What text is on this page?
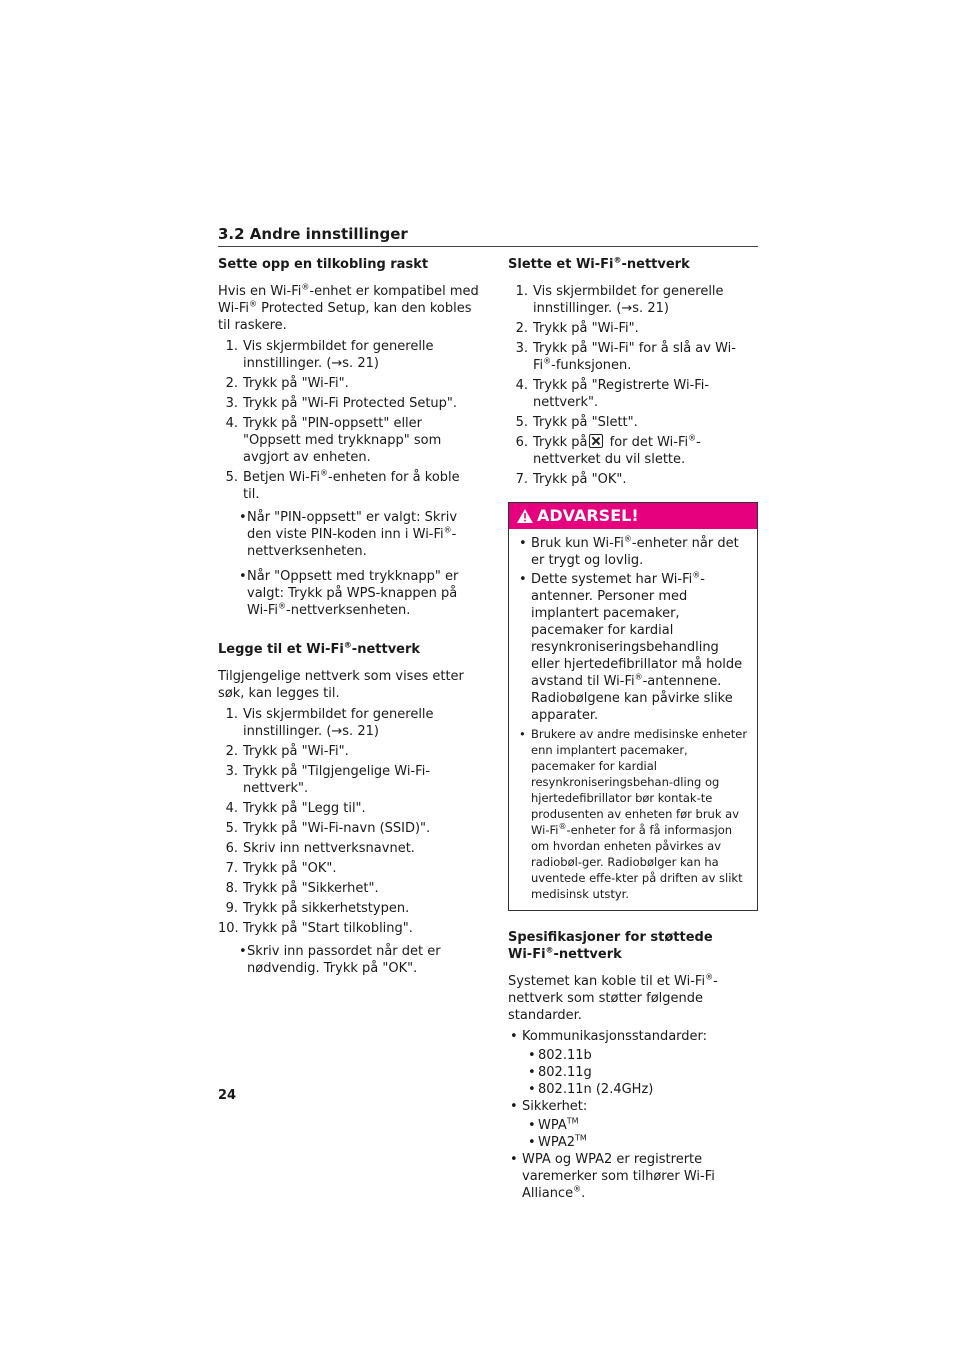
3.2 Andre innstillinger
Sette opp en tilkobling raskt

Hvis en Wi-Fi®-enhet er kompatibel med
Wi-Fi® Protected Setup, kan den kobles til raskere.

1. Vis skjermbildet for generelle innstillinger. (→s. 21)
2. Trykk på "Wi-Fi".
3. Trykk på "Wi-Fi Protected Setup".
4. Trykk på "PIN-oppsett" eller "Oppsett med trykknapp" som avgjort av enheten.
5. Betjen Wi-Fi®-enheten for å koble til.
• Når "PIN-oppsett" er valgt: Skriv den viste PIN-koden inn i Wi-Fi®-nettverksenheten.
• Når "Oppsett med trykknapp" er valgt: Trykk på WPS-knappen på Wi-Fi®-nettverksenheten.
Legge til et Wi-Fi®-nettverk

Tilgjengelige nettverk som vises etter søk, kan legges til.

1. Vis skjermbildet for generelle innstillinger. (→s. 21)
2. Trykk på "Wi-Fi".
3. Trykk på "Tilgjengelige Wi-Fi-nettverk".
4. Trykk på "Legg til".
5. Trykk på "Wi-Fi-navn (SSID)".
6. Skriv inn nettverksnavnet.
7. Trykk på "OK".
8. Trykk på "Sikkerhet".
9. Trykk på sikkerhetstypen.
10. Trykk på "Start tilkobling".
• Skriv inn passordet når det er nødvendig. Trykk på "OK".
Slette et Wi-Fi®-nettverk
1. Vis skjermbildet for generelle innstillinger. (→s. 21)
2. Trykk på "Wi-Fi".
3. Trykk på "Wi-Fi" for å slå av Wi-Fi®-funksjonen.
4. Trykk på "Registrerte Wi-Fi-nettverk".
5. Trykk på "Slett".
6. Trykk på for det Wi-Fi®-nettverket du vil slette.
7. Trykk på "OK".
ADVARSEL!
• Bruk kun Wi-Fi®-enheter når det er trygt og lovlig.
• Dette systemet har Wi-Fi®-antenner. Personer med implantert pacemaker, pacemaker for kardial resynkroniseringsbehandling eller hjertedefibrillator må holde avstand til Wi-Fi®-antennene. Radiobølgene kan påvirke slike apparater.
• Brukere av andre medisinske enheter enn implantert pacemaker, pacemaker for kardial resynkroniseringsbehan-dling og hjertedefibrillator bør kontak-te produsenten av enheten før bruk av Wi-Fi®-enheter for å få informasjon om hvordan enheten påvirkes av radiobøl-ger. Radiobølger kan ha uventede effe-kter på driften av slikt medisinsk utstyr.
Spesifikasjoner for støttede
Wi-Fi®-nettverk

Systemet kan koble til et Wi-Fi®-nettverk som støtter følgende standarder.

• Kommunikasjonsstandarder:
• 802.11b
• 802.11g
• 802.11n (2.4GHz)
• Sikkerhet:
• WPA™
• WPA2™
• WPA og WPA2 er registrerte varemerker som tilhører Wi-Fi Alliance®.
24
